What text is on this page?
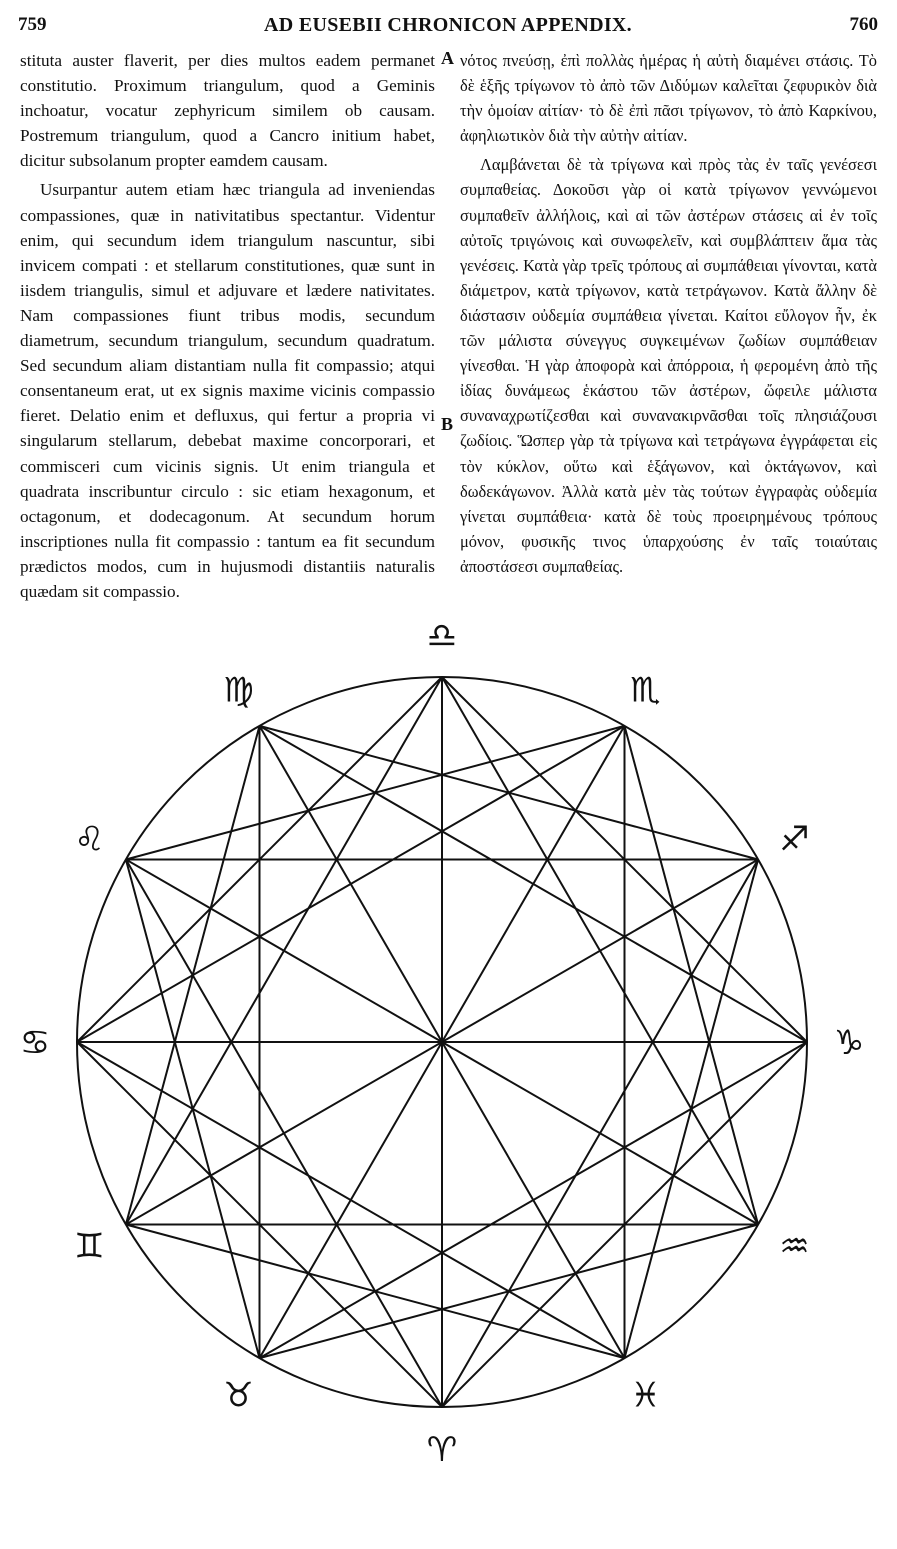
759	AD EUSEBII CHRONICON APPENDIX.	760

stituta auster flaverit, per dies multos eadem permanet constitutio. Proximum triangulum, quod a Geminis inchoatur, vocatur zephyricum similem ob causam. Postremum triangulum, quod a Cancro initium habet, dicitur subsolanum propter eamdem causam.

Usurpantur autem etiam hæc triangula ad inveniendas compassiones, quæ in nativitatibus spectantur. Videntur enim, qui secundum idem triangulum nascuntur, sibi invicem compati : et stellarum constitutiones, quæ sunt in iisdem triangulis, simul et adjuvare et lædere nativitates. Nam compassiones fiunt tribus modis, secundum diametrum, secundum triangulum, secundum quadratum. Sed secundum aliam distantiam nulla fit compassio; atqui consentaneum erat, ut ex signis maxime vicinis compassio fieret. Delatio enim et defluxus, qui fertur a propria vi singularum stellarum, debebat maxime concorporari, et commisceri cum vicinis signis. Ut enim triangula et quadrata inscribuntur circulo : sic etiam hexagonum, et octagonum, et dodecagonum. At secundum horum inscriptiones nulla fit compassio : tantum ea fit secundum prædictos modos, cum in hujusmodi distantiis naturalis quædam sit compassio.

A
B

νότος πνεύσῃ, ἐπὶ πολλὰς ἡμέρας ἡ αὐτὴ διαμένει στάσις. Τὸ δὲ ἑξῆς τρίγωνον τὸ ἀπὸ τῶν Διδύμων καλεῖται ζεφυρικὸν διὰ τὴν ὁμοίαν αἰτίαν· τὸ δὲ ἐπὶ πᾶσι τρίγωνον, τὸ ἀπὸ Καρκίνου, ἀφηλιωτικὸν διὰ τὴν αὐτὴν αἰτίαν.

Λαμβάνεται δὲ τὰ τρίγωνα καὶ πρὸς τὰς ἐν ταῖς γενέσεσι συμπαθείας. Δοκοῦσι γὰρ οἱ κατὰ τρίγωνον γεννώμενοι συμπαθεῖν ἀλλήλοις, καὶ αἱ τῶν ἀστέρων στάσεις αἱ ἐν τοῖς αὐτοῖς τριγώνοις καὶ συνωφελεῖν, καὶ συμβλάπτειν ἅμα τὰς γενέσεις. Κατὰ γὰρ τρεῖς τρόπους αἱ συμπάθειαι γίνονται, κατὰ διάμετρον, κατὰ τρίγωνον, κατὰ τετράγωνον. Κατὰ ἄλλην δὲ διάστασιν οὐδεμία συμπάθεια γίνεται. Καίτοι εὔλογον ἦν, ἐκ τῶν μάλιστα σύνεγγυς συγκειμένων ζωδίων συμπάθειαν γίνεσθαι. Ἡ γὰρ ἀποφορὰ καὶ ἀπόρροια, ἡ φερομένη ἀπὸ τῆς ἰδίας δυνάμεως ἑκάστου τῶν ἀστέρων, ὤφειλε μάλιστα συναναχρωτίζεσθαι καὶ συνανακιρνᾶσθαι τοῖς πλησιάζουσι ζωδίοις. Ὥσπερ γὰρ τὰ τρίγωνα καὶ τετράγωνα ἐγγράφεται εἰς τὸν κύκλον, οὕτω καὶ ἑξάγωνον, καὶ ὀκτάγωνον, καὶ δωδεκάγωνον. Ἀλλὰ κατὰ μὲν τὰς τούτων ἐγγραφὰς οὐδεμία γίνεται συμπάθεια· κατὰ δὲ τοὺς προειρημένους τρόπους μόνον, φυσικῆς τινος ὑπαρχούσης ἐν ταῖς τοιαύταις ἀποστάσεσι συμπαθείας.

♎
♏
♐
♑
♒
♓
♈
♉
♊
♋
♌
♍
